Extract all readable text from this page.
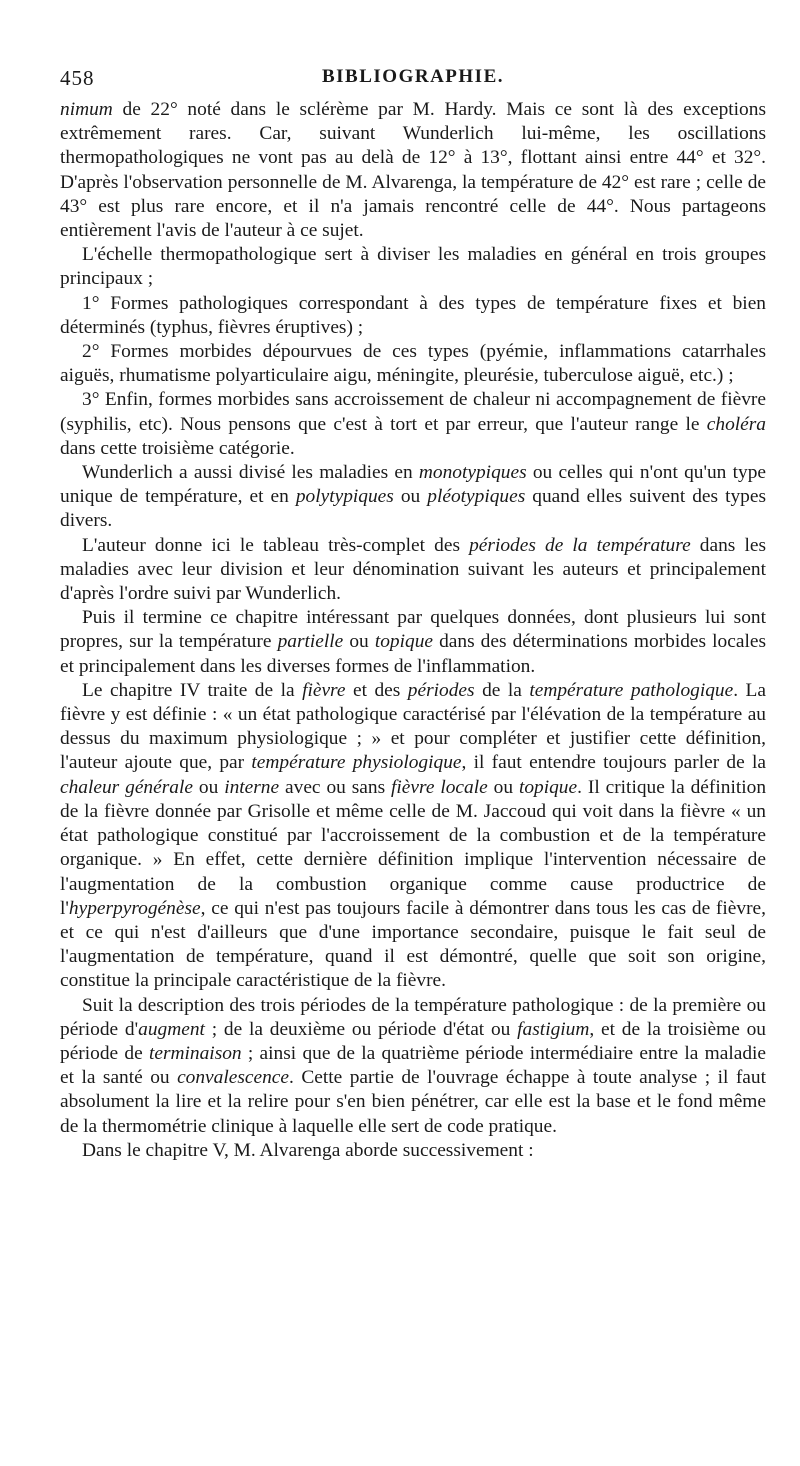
458	BIBLIOGRAPHIE.

nimum de 22° noté dans le sclérème par M. Hardy. Mais ce sont là des exceptions extrêmement rares. Car, suivant Wunderlich lui-même, les oscillations thermopathologiques ne vont pas au delà de 12° à 13°, flottant ainsi entre 44° et 32°. D'après l'observation personnelle de M. Alvarenga, la température de 42° est rare ; celle de 43° est plus rare encore, et il n'a jamais rencontré celle de 44°. Nous partageons entièrement l'avis de l'auteur à ce sujet.

L'échelle thermopathologique sert à diviser les maladies en général en trois groupes principaux ;

1° Formes pathologiques correspondant à des types de température fixes et bien déterminés (typhus, fièvres éruptives) ;

2° Formes morbides dépourvues de ces types (pyémie, inflammations catarrhales aiguës, rhumatisme polyarticulaire aigu, méningite, pleurésie, tuberculose aiguë, etc.) ;

3° Enfin, formes morbides sans accroissement de chaleur ni accompagnement de fièvre (syphilis, etc). Nous pensons que c'est à tort et par erreur, que l'auteur range le choléra dans cette troisième catégorie.

Wunderlich a aussi divisé les maladies en monotypiques ou celles qui n'ont qu'un type unique de température, et en polytypiques ou pléotypiques quand elles suivent des types divers.

L'auteur donne ici le tableau très-complet des périodes de la température dans les maladies avec leur division et leur dénomination suivant les auteurs et principalement d'après l'ordre suivi par Wunderlich.

Puis il termine ce chapitre intéressant par quelques données, dont plusieurs lui sont propres, sur la température partielle ou topique dans des déterminations morbides locales et principalement dans les diverses formes de l'inflammation.

Le chapitre IV traite de la fièvre et des périodes de la température pathologique. La fièvre y est définie : « un état pathologique caractérisé par l'élévation de la température au dessus du maximum physiologique ; » et pour compléter et justifier cette définition, l'auteur ajoute que, par température physiologique, il faut entendre toujours parler de la chaleur générale ou interne avec ou sans fièvre locale ou topique. Il critique la définition de la fièvre donnée par Grisolle et même celle de M. Jaccoud qui voit dans la fièvre « un état pathologique constitué par l'accroissement de la combustion et de la température organique. » En effet, cette dernière définition implique l'intervention nécessaire de l'augmentation de la combustion organique comme cause productrice de l'hyperpyrogénèse, ce qui n'est pas toujours facile à démontrer dans tous les cas de fièvre, et ce qui n'est d'ailleurs que d'une importance secondaire, puisque le fait seul de l'augmentation de température, quand il est démontré, quelle que soit son origine, constitue la principale caractéristique de la fièvre.

Suit la description des trois périodes de la température pathologique : de la première ou période d'augment ; de la deuxième ou période d'état ou fastigium, et de la troisième ou période de terminaison ; ainsi que de la quatrième période intermédiaire entre la maladie et la santé ou convalescence. Cette partie de l'ouvrage échappe à toute analyse ; il faut absolument la lire et la relire pour s'en bien pénétrer, car elle est la base et le fond même de la thermométrie clinique à laquelle elle sert de code pratique.

Dans le chapitre V, M. Alvarenga aborde successivement :
